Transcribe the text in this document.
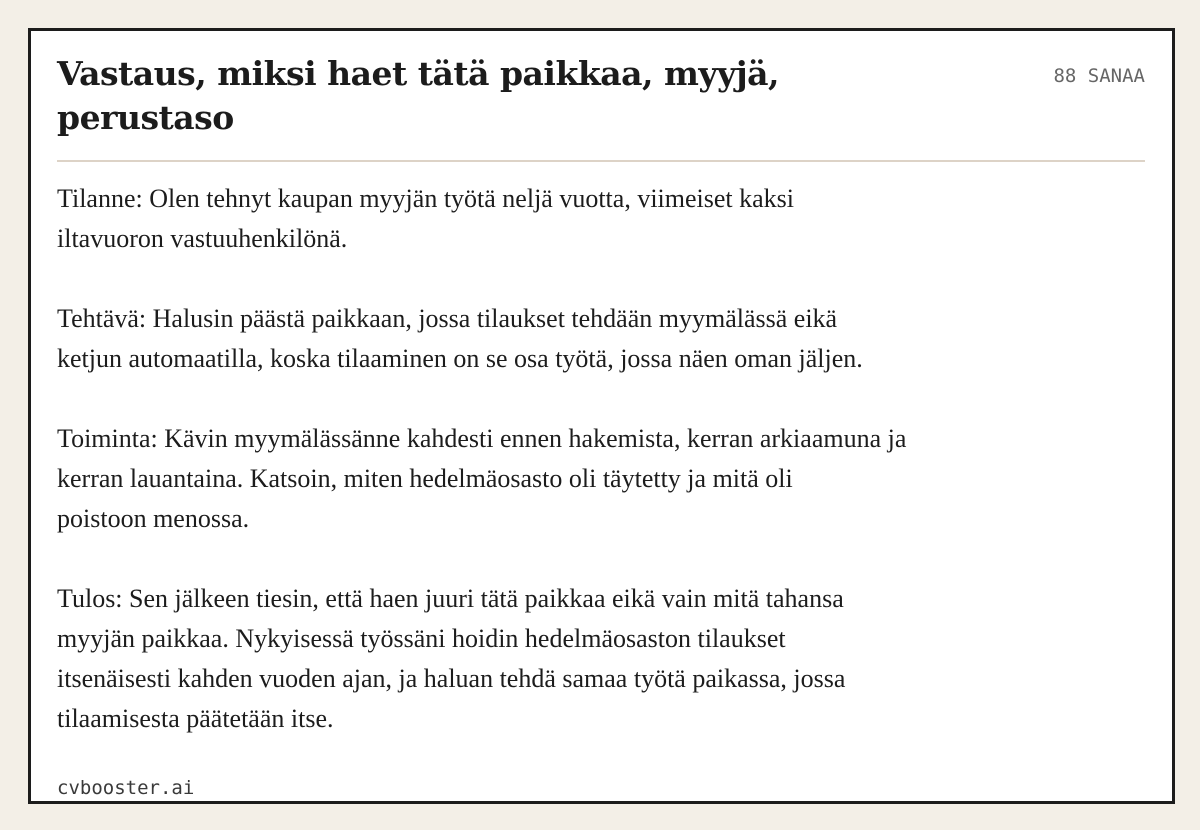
Vastaus, miksi haet tätä paikkaa, myyjä,
perustaso
88 SANAA

Tilanne: Olen tehnyt kaupan myyjän työtä neljä vuotta, viimeiset kaksi
iltavuoron vastuuhenkilönä.

Tehtävä: Halusin päästä paikkaan, jossa tilaukset tehdään myymälässä eikä
ketjun automaatilla, koska tilaaminen on se osa työtä, jossa näen oman jäljen.

Toiminta: Kävin myymälässänne kahdesti ennen hakemista, kerran arkiaamuna ja
kerran lauantaina. Katsoin, miten hedelmäosasto oli täytetty ja mitä oli
poistoon menossa.

Tulos: Sen jälkeen tiesin, että haen juuri tätä paikkaa eikä vain mitä tahansa
myyjän paikkaa. Nykyisessä työssäni hoidin hedelmäosaston tilaukset
itsenäisesti kahden vuoden ajan, ja haluan tehdä samaa työtä paikassa, jossa
tilaamisesta päätetään itse.

cvbooster.ai
